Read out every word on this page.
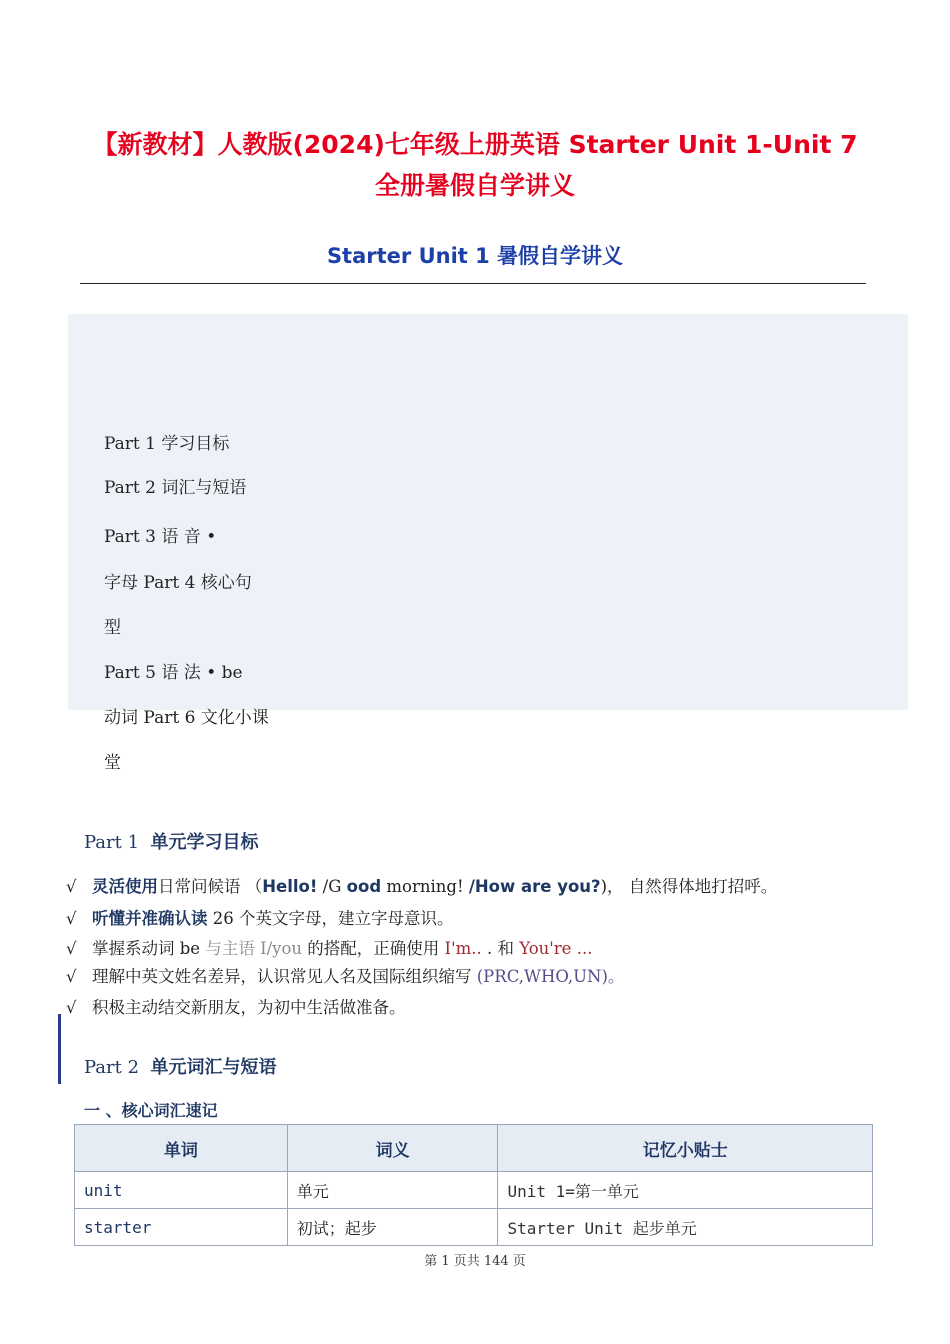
【新教材】人教版(2024)七年级上册英语 Starter Unit 1-Unit 7
全册暑假自学讲义
Starter Unit 1 暑假自学讲义
Part 1 学习目标
Part 2 词汇与短语
Part 3 语 音 •
字母 Part 4 核心句
型
Part 5 语 法 • be
动词 Part 6 文化小课
堂
Part 1 单元学习目标
√ 灵活使用日常问候语 （Hello! /G ood morning! /How are you?)， 自然得体地打招呼。
√ 听懂并准确认读 26 个英文字母，建立字母意识。
√ 掌握系动词 be 与主语 I/you 的搭配，正确使用 I'm.. . 和 You're ...
√ 理解中英文姓名差异，认识常见人名及国际组织缩写 (PRC,WHO,UN)。
√ 积极主动结交新朋友，为初中生活做准备。
Part 2 单元词汇与短语
一 、核心词汇速记
单词	词义	记忆小贴士
unit	单元	Unit 1=第一单元
starter	初试；起步	Starter Unit 起步单元
第 1 页共 144 页
